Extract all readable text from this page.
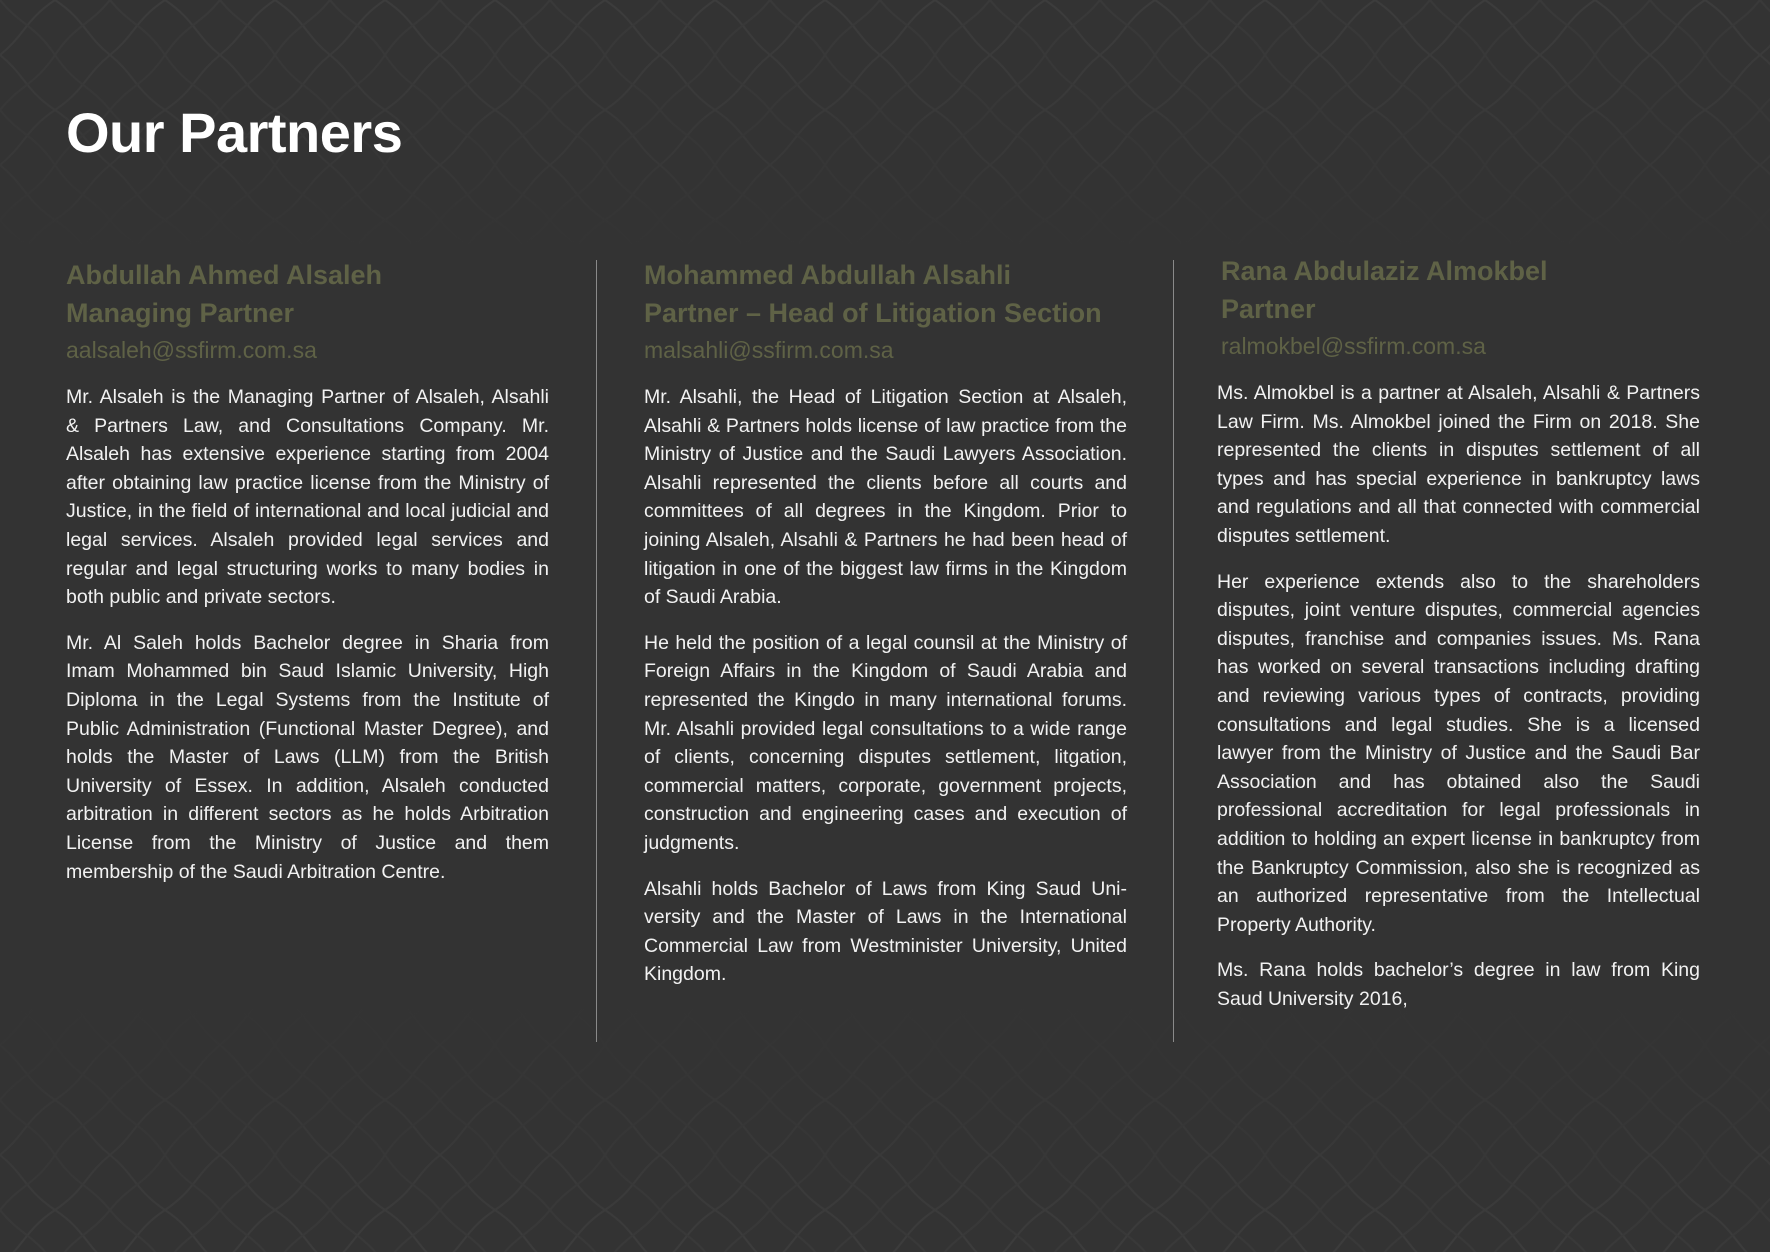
Our Partners
Abdullah Ahmed Alsaleh
Managing Partner
aalsaleh@ssfirm.com.sa

Mr. Alsaleh is the Managing Partner of Alsaleh, Alsahli & Partners Law, and Consultations Company. Mr. Alsaleh has extensive experience starting from 2004 after obtaining law practice license from the Ministry of Justice, in the field of international and local judicial and legal services. Alsaleh provided legal services and regular and legal structuring works to many bodies in both public and private sectors.

Mr. Al Saleh holds Bachelor degree in Sharia from Imam Mohammed bin Saud Islamic University, High Diploma in the Legal Systems from the Institute of Public Administration (Functional Master Degree), and holds the Master of Laws (LLM) from the British University of Essex. In addition, Alsaleh conducted arbitration in different sectors as he holds Arbitration License from the Ministry of Justice and them membership of the Saudi Arbitration Centre.

Mohammed Abdullah Alsahli
Partner – Head of Litigation Section
malsahli@ssfirm.com.sa

Mr. Alsahli, the Head of Litigation Section at Alsaleh, Alsahli & Partners holds license of law practice from the Ministry of Justice and the Saudi Lawyers Association. Alsahli represented the clients before all courts and committees of all degrees in the Kingdom. Prior to joining Alsaleh, Alsahli & Partners he had been head of litigation in one of the biggest law firms in the Kingdom of Saudi Arabia.

He held the position of a legal counsil at the Ministry of Foreign Affairs in the Kingdom of Saudi Arabia and represented the Kingdo in many international forums. Mr. Alsahli provided legal consultations to a wide range of clients, concerning disputes settlement, litgation, commercial matters, corporate, government projects, construction and engineering cases and execution of judgments.

Alsahli holds Bachelor of Laws from King Saud University and the Master of Laws in the International Commercial Law from Westminister University, United Kingdom.

Rana Abdulaziz Almokbel
Partner
ralmokbel@ssfirm.com.sa

Ms. Almokbel is a partner at Alsaleh, Alsahli & Partners Law Firm. Ms. Almokbel joined the Firm on 2018. She represented the clients in disputes settlement of all types and has special experience in bankruptcy laws and regulations and all that connected with commercial disputes settlement.

Her experience extends also to the shareholders disputes, joint venture disputes, commercial agencies disputes, franchise and companies issues. Ms. Rana has worked on several transactions including drafting and reviewing various types of contracts, providing consultations and legal studies. She is a licensed lawyer from the Ministry of Justice and the Saudi Bar Association and has obtained also the Saudi professional accreditation for legal professionals in addition to holding an expert license in bankruptcy from the Bankruptcy Commission, also she is recognized as an authorized representative from the Intellectual Property Authority.

Ms. Rana holds bachelor’s degree in law from King Saud University 2016,
